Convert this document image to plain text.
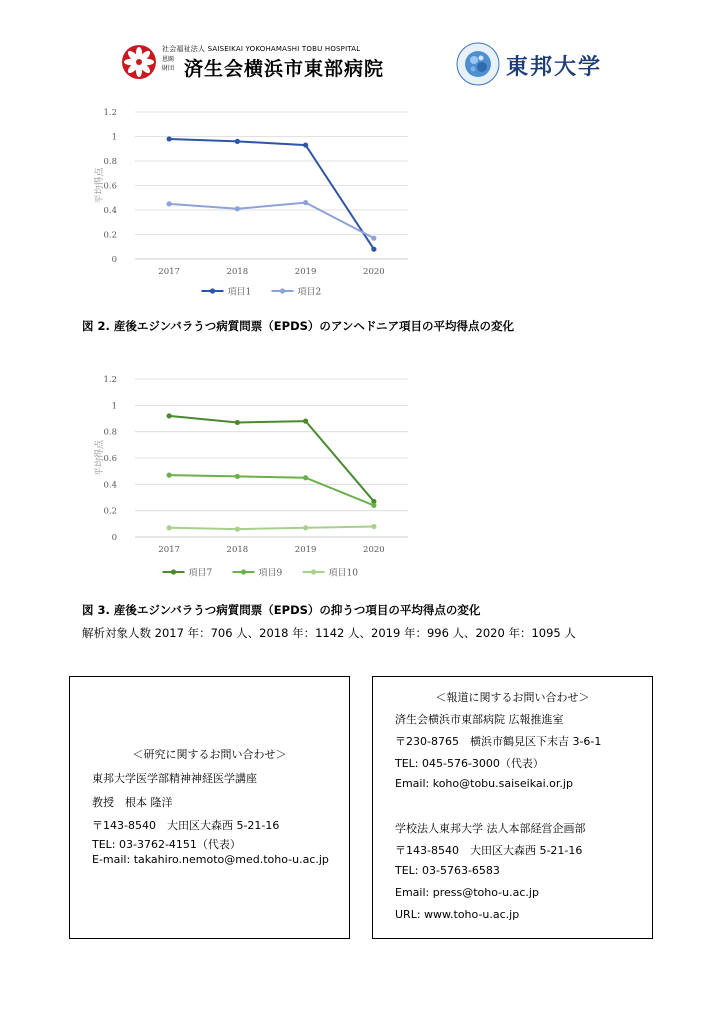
社会福祉法人 SAISEIKAI YOKOHAMASHI TOBU HOSPITAL
恩賜
財団 済生会横浜市東部病院	東邦大学
0
0.2
0.4
0.6
0.8
1
1.2
平均得点
2017	2018	2019	2020
項目1	項目2
図 2. 産後エジンバラうつ病質問票（EPDS）のアンヘドニア項目の平均得点の変化
0
0.2
0.4
0.6
0.8
1
1.2
平均得点
2017	2018	2019	2020
項目7	項目9	項目10
図 3. 産後エジンバラうつ病質問票（EPDS）の抑うつ項目の平均得点の変化
解析対象人数 2017 年：706 人、2018 年：1142 人、2019 年：996 人、2020 年：1095 人

＜研究に関するお問い合わせ＞

東邦大学医学部精神神経医学講座

教授　根本 隆洋

〒143-8540　大田区大森西 5-21-16

TEL: 03-3762-4151（代表）

E-mail: takahiro.nemoto@med.toho-u.ac.jp

＜報道に関するお問い合わせ＞

済生会横浜市東部病院 広報推進室

〒230-8765　横浜市鶴見区下末吉 3-6-1

TEL: 045-576-3000（代表）

Email: koho@tobu.saiseikai.or.jp

学校法人東邦大学 法人本部経営企画部

〒143-8540　大田区大森西 5-21-16

TEL: 03-5763-6583

Email: press@toho-u.ac.jp

URL: www.toho-u.ac.jp
